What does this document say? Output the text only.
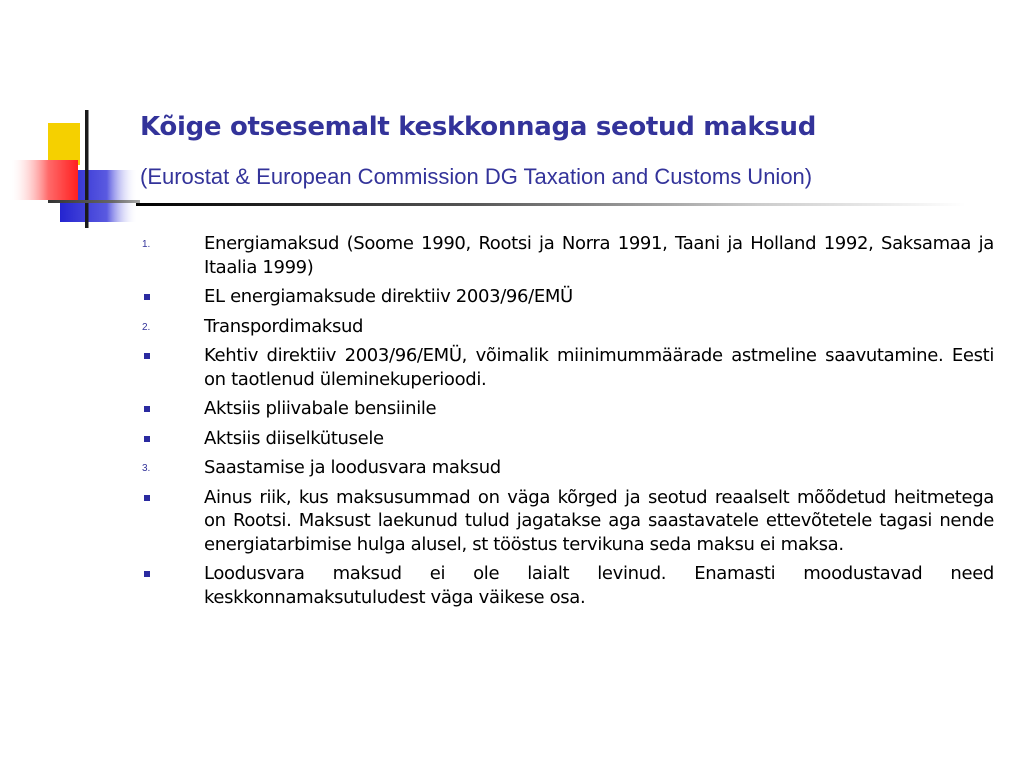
Kõige otsesemalt keskkonnaga seotud maksud

(Eurostat & European Commission DG Taxation and Customs Union)

1.	Energiamaksud (Soome 1990, Rootsi ja Norra 1991, Taani ja Holland 1992, Saksamaa ja Itaalia 1999)
EL energiamaksude direktiiv 2003/96/EMÜ
2.	Transpordimaksud
Kehtiv direktiiv 2003/96/EMÜ, võimalik miinimummäärade astmeline saavutamine. Eesti on taotlenud üleminekuperioodi.
Aktsiis pliivabale bensiinile
Aktsiis diiselkütusele
3.	Saastamise ja loodusvara maksud
Ainus riik, kus maksusummad on väga kõrged ja seotud reaalselt mõõdetud heitmetega on Rootsi. Maksust laekunud tulud jagatakse aga saastavatele ettevõtetele tagasi nende energiatarbimise hulga alusel, st tööstus tervikuna seda maksu ei maksa.
Loodusvara maksud ei ole laialt levinud. Enamasti moodustavad need keskkonnamaksutuludest väga väikese osa.
